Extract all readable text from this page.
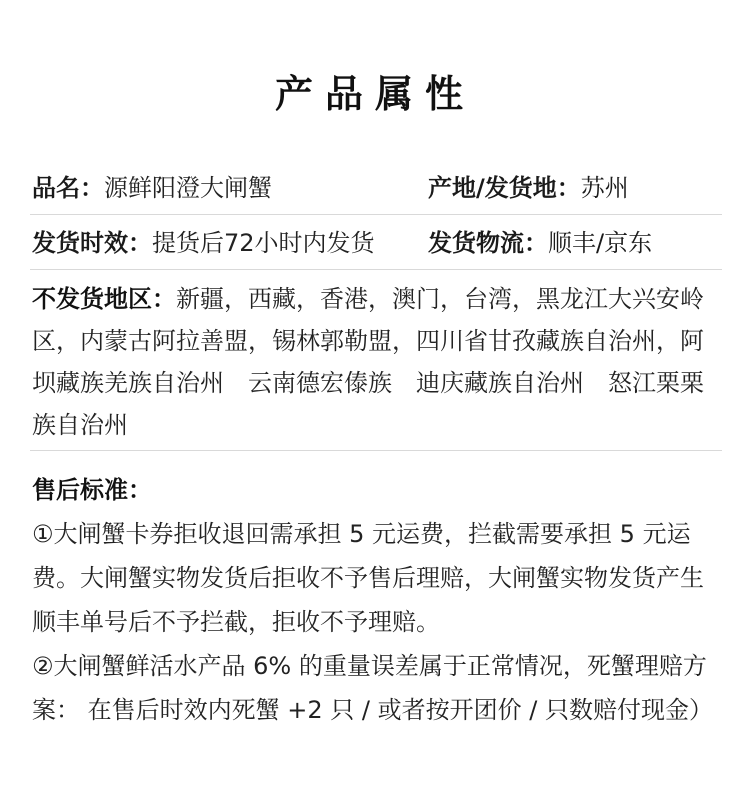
产品属性
品名：源鲜阳澄大闸蟹	产地/发货地：苏州
发货时效：提货后72小时内发货	发货物流：顺丰/京东
不发货地区：新疆，西藏，香港，澳门，台湾，黑龙江大兴安岭区，内蒙古阿拉善盟，锡林郭勒盟，四川省甘孜藏族自治州，阿坝藏族羌族自治州　云南德宏傣族　迪庆藏族自治州　怒江栗栗族自治州
售后标准：
①大闸蟹卡券拒收退回需承担 5 元运费，拦截需要承担 5 元运费。大闸蟹实物发货后拒收不予售后理赔，大闸蟹实物发货产生顺丰单号后不予拦截，拒收不予理赔。
②大闸蟹鲜活水产品 6% 的重量误差属于正常情况，死蟹理赔方案： 在售后时效内死蟹 +2 只 / 或者按开团价 / 只数赔付现金）
